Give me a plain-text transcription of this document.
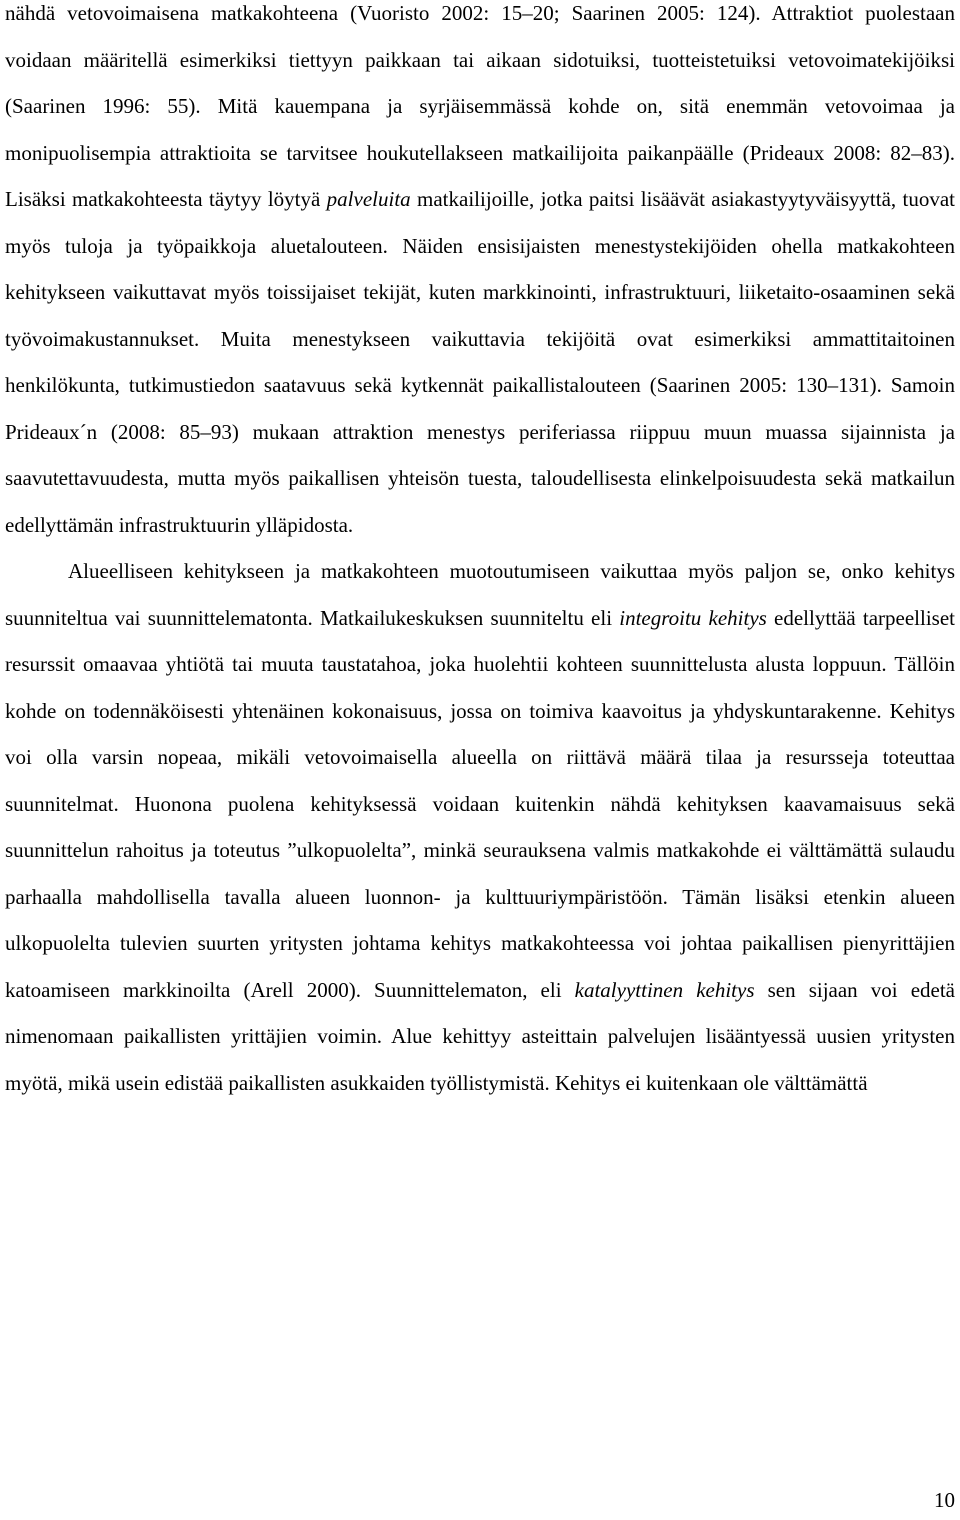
nähdä vetovoimaisena matkakohteena (Vuoristo 2002: 15–20; Saarinen 2005: 124). Attraktiot puolestaan voidaan määritellä esimerkiksi tiettyyn paikkaan tai aikaan sidotuiksi, tuotteistetuiksi vetovoimatekijöiksi (Saarinen 1996: 55). Mitä kauempana ja syrjäisemmässä kohde on, sitä enemmän vetovoimaa ja monipuolisempia attraktioita se tarvitsee houkutellakseen matkailijoita paikanpäälle (Prideaux 2008: 82–83). Lisäksi matkakohteesta täytyy löytyä palveluita matkailijoille, jotka paitsi lisäävät asiakastyytyväisyyttä, tuovat myös tuloja ja työpaikkoja aluetalouteen. Näiden ensisijaisten menestystekijöiden ohella matkakohteen kehitykseen vaikuttavat myös toissijaiset tekijät, kuten markkinointi, infrastruktuuri, liiketaito-osaaminen sekä työvoimakustannukset. Muita menestykseen vaikuttavia tekijöitä ovat esimerkiksi ammattitaitoinen henkilökunta, tutkimustiedon saatavuus sekä kytkennät paikallistalouteen (Saarinen 2005: 130–131). Samoin Prideaux´n (2008: 85–93) mukaan attraktion menestys periferiassa riippuu muun muassa sijainnista ja saavutettavuudesta, mutta myös paikallisen yhteisön tuesta, taloudellisesta elinkelpoisuudesta sekä matkailun edellyttämän infrastruktuurin ylläpidosta.

Alueelliseen kehitykseen ja matkakohteen muotoutumiseen vaikuttaa myös paljon se, onko kehitys suunniteltua vai suunnittelematonta. Matkailukeskuksen suunniteltu eli integroitu kehitys edellyttää tarpeelliset resurssit omaavaa yhtiötä tai muuta taustatahoa, joka huolehtii kohteen suunnittelusta alusta loppuun. Tällöin kohde on todennäköisesti yhtenäinen kokonaisuus, jossa on toimiva kaavoitus ja yhdyskuntarakenne. Kehitys voi olla varsin nopeaa, mikäli vetovoimaisella alueella on riittävä määrä tilaa ja resursseja toteuttaa suunnitelmat. Huonona puolena kehityksessä voidaan kuitenkin nähdä kehityksen kaavamaisuus sekä suunnittelun rahoitus ja toteutus ”ulkopuolelta”, minkä seurauksena valmis matkakohde ei välttämättä sulaudu parhaalla mahdollisella tavalla alueen luonnon- ja kulttuuriympäristöön. Tämän lisäksi etenkin alueen ulkopuolelta tulevien suurten yritysten johtama kehitys matkakohteessa voi johtaa paikallisen pienyrittäjien katoamiseen markkinoilta (Arell 2000). Suunnittelematon, eli katalyyttinen kehitys sen sijaan voi edetä nimenomaan paikallisten yrittäjien voimin. Alue kehittyy asteittain palvelujen lisääntyessä uusien yritysten myötä, mikä usein edistää paikallisten asukkaiden työllistymistä. Kehitys ei kuitenkaan ole välttämättä

10
